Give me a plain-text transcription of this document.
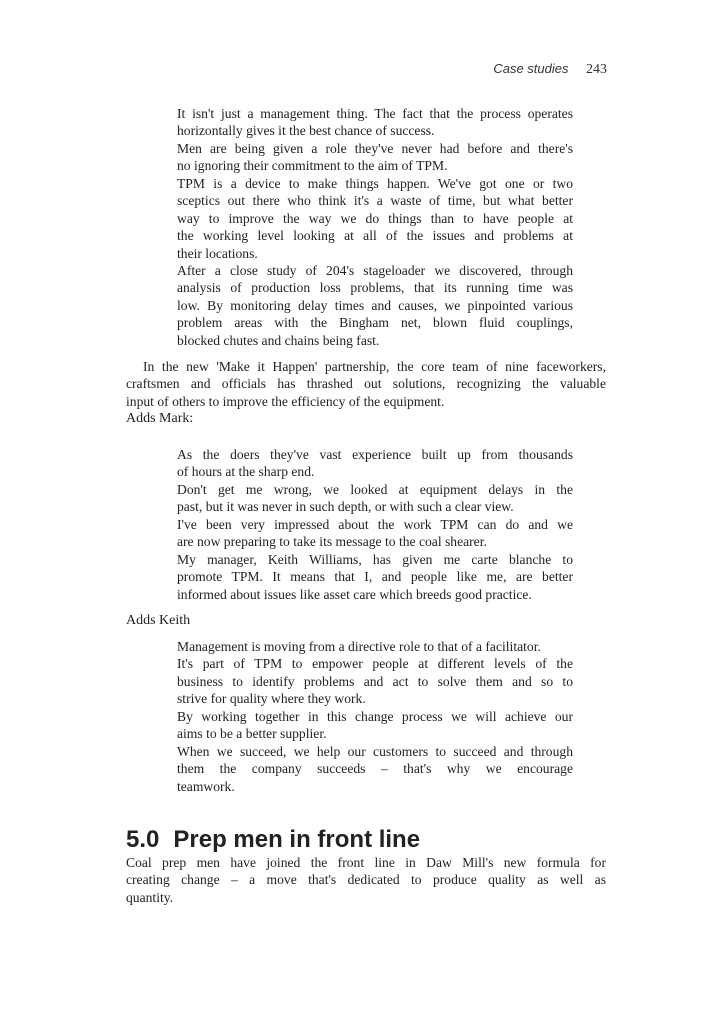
Case studies 243
It isn't just a management thing. The fact that the process operates
horizontally gives it the best chance of success.
Men are being given a role they've never had before and there's
no ignoring their commitment to the aim of TPM.
TPM is a device to make things happen. We've got one or two
sceptics out there who think it's a waste of time, but what better
way to improve the way we do things than to have people at
the working level looking at all of the issues and problems at
their locations.
After a close study of 204's stageloader we discovered, through
analysis of production loss problems, that its running time was
low. By monitoring delay times and causes, we pinpointed various
problem areas with the Bingham net, blown fluid couplings,
blocked chutes and chains being fast.
In the new 'Make it Happen' partnership, the core team of nine faceworkers,
craftsmen and officials has thrashed out solutions, recognizing the valuable
input of others to improve the efficiency of the equipment.
Adds Mark:
As the doers they've vast experience built up from thousands
of hours at the sharp end.
Don't get me wrong, we looked at equipment delays in the
past, but it was never in such depth, or with such a clear view.
I've been very impressed about the work TPM can do and we
are now preparing to take its message to the coal shearer.
My manager, Keith Williams, has given me carte blanche to
promote TPM. It means that I, and people like me, are better
informed about issues like asset care which breeds good practice.
Adds Keith
Management is moving from a directive role to that of a facilitator.
It's part of TPM to empower people at different levels of the
business to identify problems and act to solve them and so to
strive for quality where they work.
By working together in this change process we will achieve our
aims to be a better supplier.
When we succeed, we help our customers to succeed and through
them the company succeeds – that's why we encourage
teamwork.
5.0 Prep men in front line
Coal prep men have joined the front line in Daw Mill's new formula for
creating change – a move that's dedicated to produce quality as well as
quantity.
